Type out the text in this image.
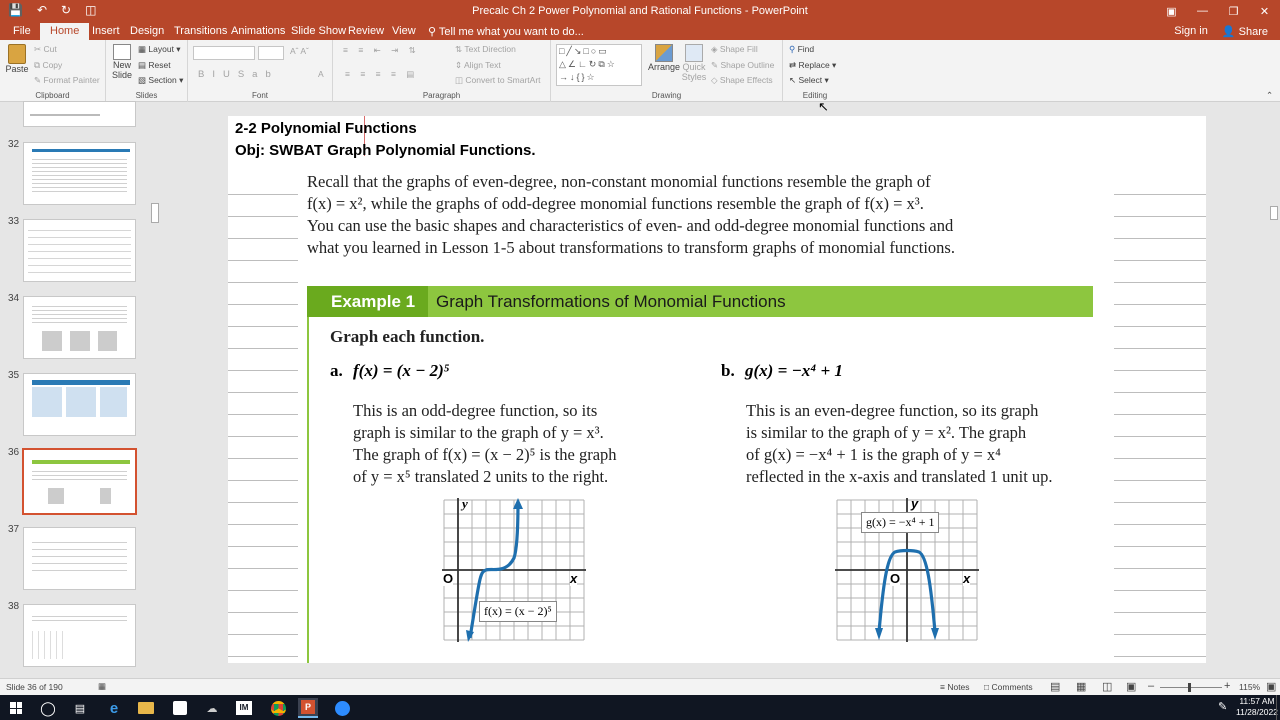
💾 ↶ ↻ ◫	Precalc Ch 2 Power Polynomial and Rational Functions - PowerPoint	▣	—	❐	✕
File	Home	Insert Design Transitions Animations Slide Show Review View ⚲ Tell me what you want to do...	Sign in 👤 Share
Paste
✂ Cut
⧉ Copy
✎ Format Painter
Clipboard
New Slide
▦ Layout ▾
▤ Reset
▧ Section ▾
Slides
Aˆ Aˇ
BIUSab	A
Font
≡ ≡ ⇤ ⇥ ⇅
≡ ≡ ≡ ≡ ▤
⇅ Text Direction
⇕ Align Text
◫ Convert to SmartArt
Paragraph
□╱↘□○▭
△∠∟↻⧉☆
→↓{}☆
Arrange Quick Styles
◈ Shape Fill
✎ Shape Outline
◇ Shape Effects
Drawing
⚲ Find
⇄ Replace ▾
↖ Select ▾
Editing	⌃
32
33
34
35
36
37
38
2-2 Polynomial Functions
Obj: SWBAT Graph Polynomial Functions.
Recall that the graphs of even-degree, non-constant monomial functions resemble the graph of
f(x) = x², while the graphs of odd-degree monomial functions resemble the graph of f(x) = x³.
You can use the basic shapes and characteristics of even- and odd-degree monomial functions and
what you learned in Lesson 1-5 about transformations to transform graphs of monomial functions.
Example 1 Graph Transformations of Monomial Functions
Graph each function.
a. f(x) = (x − 2)⁵
This is an odd-degree function, so its
graph is similar to the graph of y = x³.
The graph of f(x) = (x − 2)⁵ is the graph
of y = x⁵ translated 2 units to the right.
y
x
O
f(x) = (x − 2)⁵
b. g(x) = −x⁴ + 1
This is an even-degree function, so its graph
is similar to the graph of y = x². The graph
of g(x) = −x⁴ + 1 is the graph of y = x⁴
reflected in the x-axis and translated 1 unit up.
y
x
O
g(x) = −x⁴ + 1
↖
Slide 36 of 190	▦	≡ Notes □ Comments ▤ ▦ ◫ ▣ –	+ 115% ▣
◯	▤	e	☁	IM	P	✎	11:57 AM
11/28/2022
